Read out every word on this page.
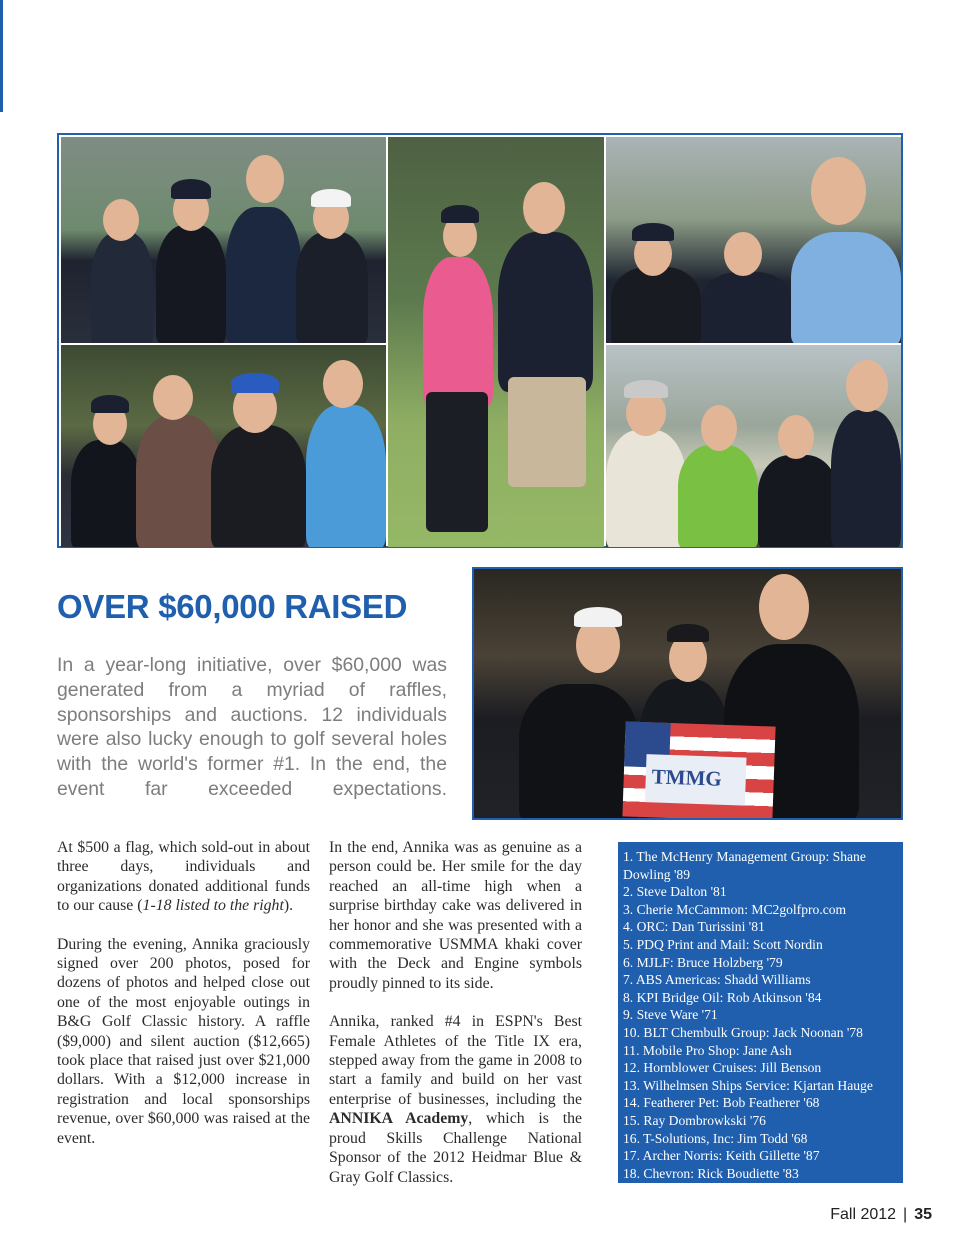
TMMG
OVER $60,000 RAISED

In a year-long initiative, over $60,000 was generated from a myriad of raffles, sponsorships and auctions. 12 individuals were also lucky enough to golf several holes with the world's former #1. In the end, the event far exceeded expectations.

At $500 a flag, which sold-out in about three days, individuals and organizations donated additional funds to our cause (1-18 listed to the right).

During the evening, Annika graciously signed over 200 photos, posed for dozens of photos and helped close out one of the most enjoyable outings in B&G Golf Classic history. A raffle ($9,000) and silent auction ($12,665) took place that raised just over $21,000 dollars. With a $12,000 increase in registration and local sponsorships revenue, over $60,000 was raised at the event.

In the end, Annika was as genuine as a person could be. Her smile for the day reached an all-time high when a surprise birthday cake was delivered in her honor and she was presented with a commemorative USMMA khaki cover with the Deck and Engine symbols proudly pinned to its side.

Annika, ranked #4 in ESPN's Best Female Athletes of the Title IX era, stepped away from the game in 2008 to start a family and build on her vast enterprise of businesses, including the ANNIKA Academy, which is the proud Skills Challenge National Sponsor of the 2012 Heidmar Blue & Gray Golf Classics.

1. The McHenry Management Group: Shane Dowling '89
2. Steve Dalton '81
3. Cherie McCammon: MC2golfpro.com
4. ORC: Dan Turissini '81
5. PDQ Print and Mail: Scott Nordin
6. MJLF: Bruce Holzberg '79
7. ABS Americas: Shadd Williams
8. KPI Bridge Oil: Rob Atkinson '84
9. Steve Ware '71
10. BLT Chembulk Group: Jack Noonan '78
11. Mobile Pro Shop: Jane Ash
12. Hornblower Cruises: Jill Benson
13. Wilhelmsen Ships Service: Kjartan Hauge
14. Featherer Pet: Bob Featherer '68
15. Ray Dombrowkski '76
16. T-Solutions, Inc: Jim Todd '68
17. Archer Norris: Keith Gillette '87
18. Chevron: Rick Boudiette '83
Fall 2012 | 35
